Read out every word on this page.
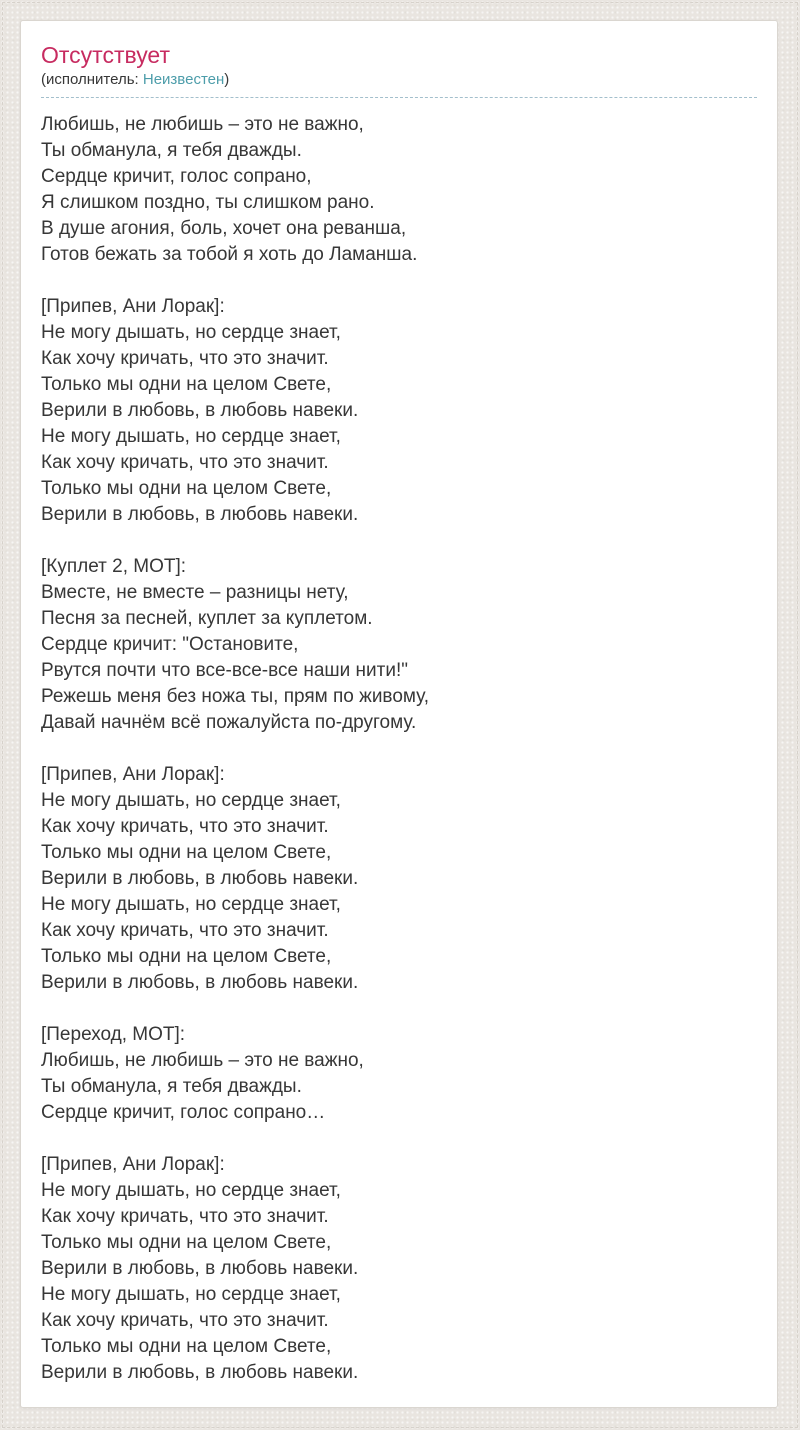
Отсутствует
(исполнитель: Неизвестен)

Любишь, не любишь – это не важно,
Ты обманула, я тебя дважды.
Сердце кричит, голос сопрано,
Я слишком поздно, ты слишком рано.
В душе агония, боль, хочет она реванша,
Готов бежать за тобой я хоть до Ламанша.

[Припев, Ани Лорак]:
Не могу дышать, но сердце знает,
Как хочу кричать, что это значит.
Только мы одни на целом Свете,
Верили в любовь, в любовь навеки.
Не могу дышать, но сердце знает,
Как хочу кричать, что это значит.
Только мы одни на целом Свете,
Верили в любовь, в любовь навеки.

[Куплет 2, МОТ]:
Вместе, не вместе – разницы нету,
Песня за песней, куплет за куплетом.
Сердце кричит: "Остановите,
Рвутся почти что все-все-все наши нити!"
Режешь меня без ножа ты, прям по живому,
Давай начнём всё пожалуйста по-другому.

[Припев, Ани Лорак]:
Не могу дышать, но сердце знает,
Как хочу кричать, что это значит.
Только мы одни на целом Свете,
Верили в любовь, в любовь навеки.
Не могу дышать, но сердце знает,
Как хочу кричать, что это значит.
Только мы одни на целом Свете,
Верили в любовь, в любовь навеки.

[Переход, МОТ]:
Любишь, не любишь – это не важно,
Ты обманула, я тебя дважды.
Сердце кричит, голос сопрано…

[Припев, Ани Лорак]:
Не могу дышать, но сердце знает,
Как хочу кричать, что это значит.
Только мы одни на целом Свете,
Верили в любовь, в любовь навеки.
Не могу дышать, но сердце знает,
Как хочу кричать, что это значит.
Только мы одни на целом Свете,
Верили в любовь, в любовь навеки.
